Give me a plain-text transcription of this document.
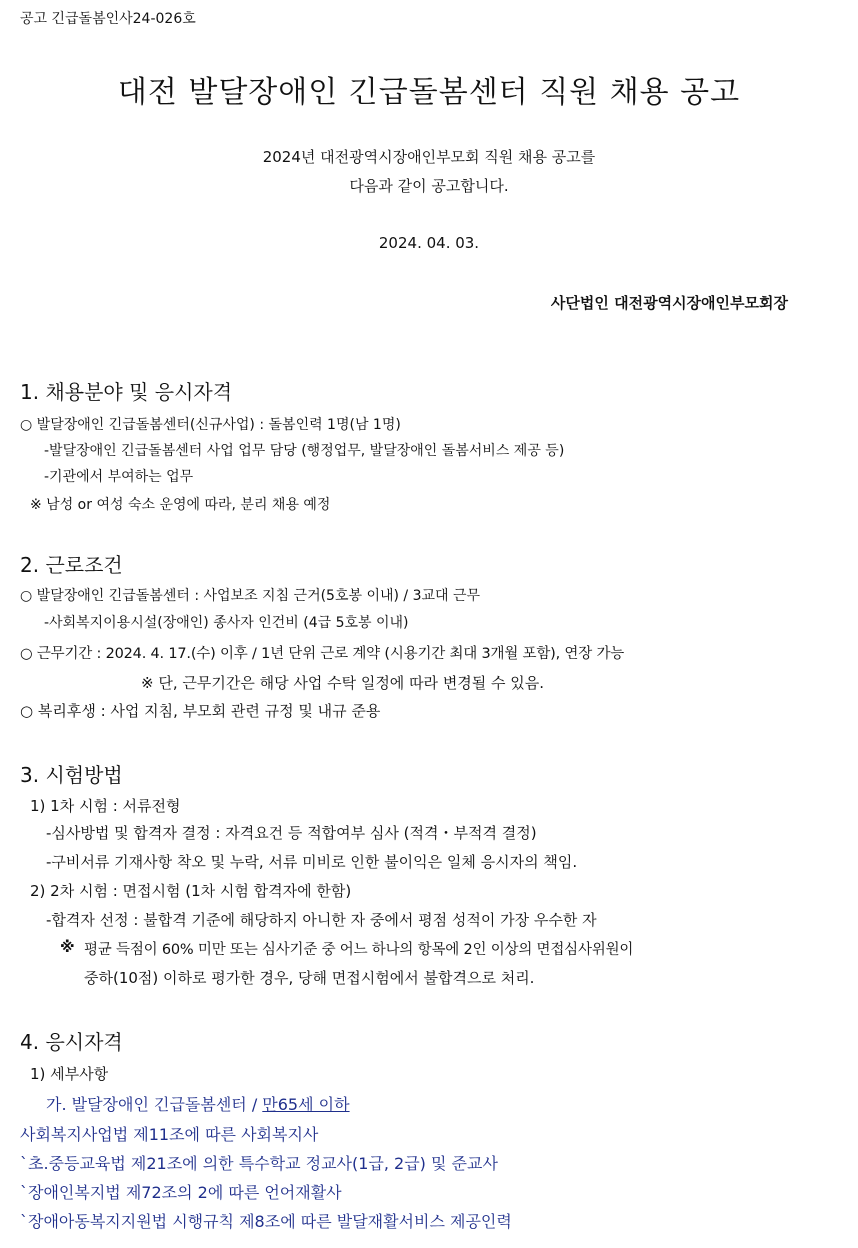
공고 긴급돌봄인사24-026호
대전 발달장애인 긴급돌봄센터 직원 채용 공고
2024년 대전광역시장애인부모회 직원 채용 공고를
다음과 같이 공고합니다.
2024. 04. 03.
사단법인 대전광역시장애인부모회장
1. 채용분야 및 응시자격
○ 발달장애인 긴급돌봄센터(신규사업) : 돌봄인력 1명(남 1명)
-발달장애인 긴급돌봄센터 사업 업무 담당 (행정업무, 발달장애인 돌봄서비스 제공 등)
-기관에서 부여하는 업무
※ 남성 or 여성 숙소 운영에 따라, 분리 채용 예정
2. 근로조건
○ 발달장애인 긴급돌봄센터 : 사업보조 지침 근거(5호봉 이내) / 3교대 근무
-사회복지이용시설(장애인) 종사자 인건비 (4급 5호봉 이내)
○ 근무기간 : 2024. 4. 17.(수) 이후 / 1년 단위 근로 계약 (시용기간 최대 3개월 포함), 연장 가능
※ 단, 근무기간은 해당 사업 수탁 일정에 따라 변경될 수 있음.
○ 복리후생 : 사업 지침, 부모회 관련 규정 및 내규 준용
3. 시험방법
1) 1차 시험 : 서류전형
-심사방법 및 합격자 결정 : 자격요건 등 적합여부 심사 (적격・부적격 결정)
-구비서류 기재사항 착오 및 누락, 서류 미비로 인한 불이익은 일체 응시자의 책임.
2) 2차 시험 : 면접시험 (1차 시험 합격자에 한함)
-합격자 선정 : 불합격 기준에 해당하지 아니한 자 중에서 평점 성적이 가장 우수한 자
※ 평균 득점이 60% 미만 또는 심사기준 중 어느 하나의 항목에 2인 이상의 면접심사위원이
중하(10점) 이하로 평가한 경우, 당해 면접시험에서 불합격으로 처리.
4. 응시자격
1) 세부사항
가. 발달장애인 긴급돌봄센터 / 만65세 이하
사회복지사업법 제11조에 따른 사회복지사
`초.중등교육법 제21조에 의한 특수학교 정교사(1급, 2급) 및 준교사
`장애인복지법 제72조의 2에 따른 언어재활사
`장애아동복지지원법 시행규칙 제8조에 따른 발달재활서비스 제공인력
